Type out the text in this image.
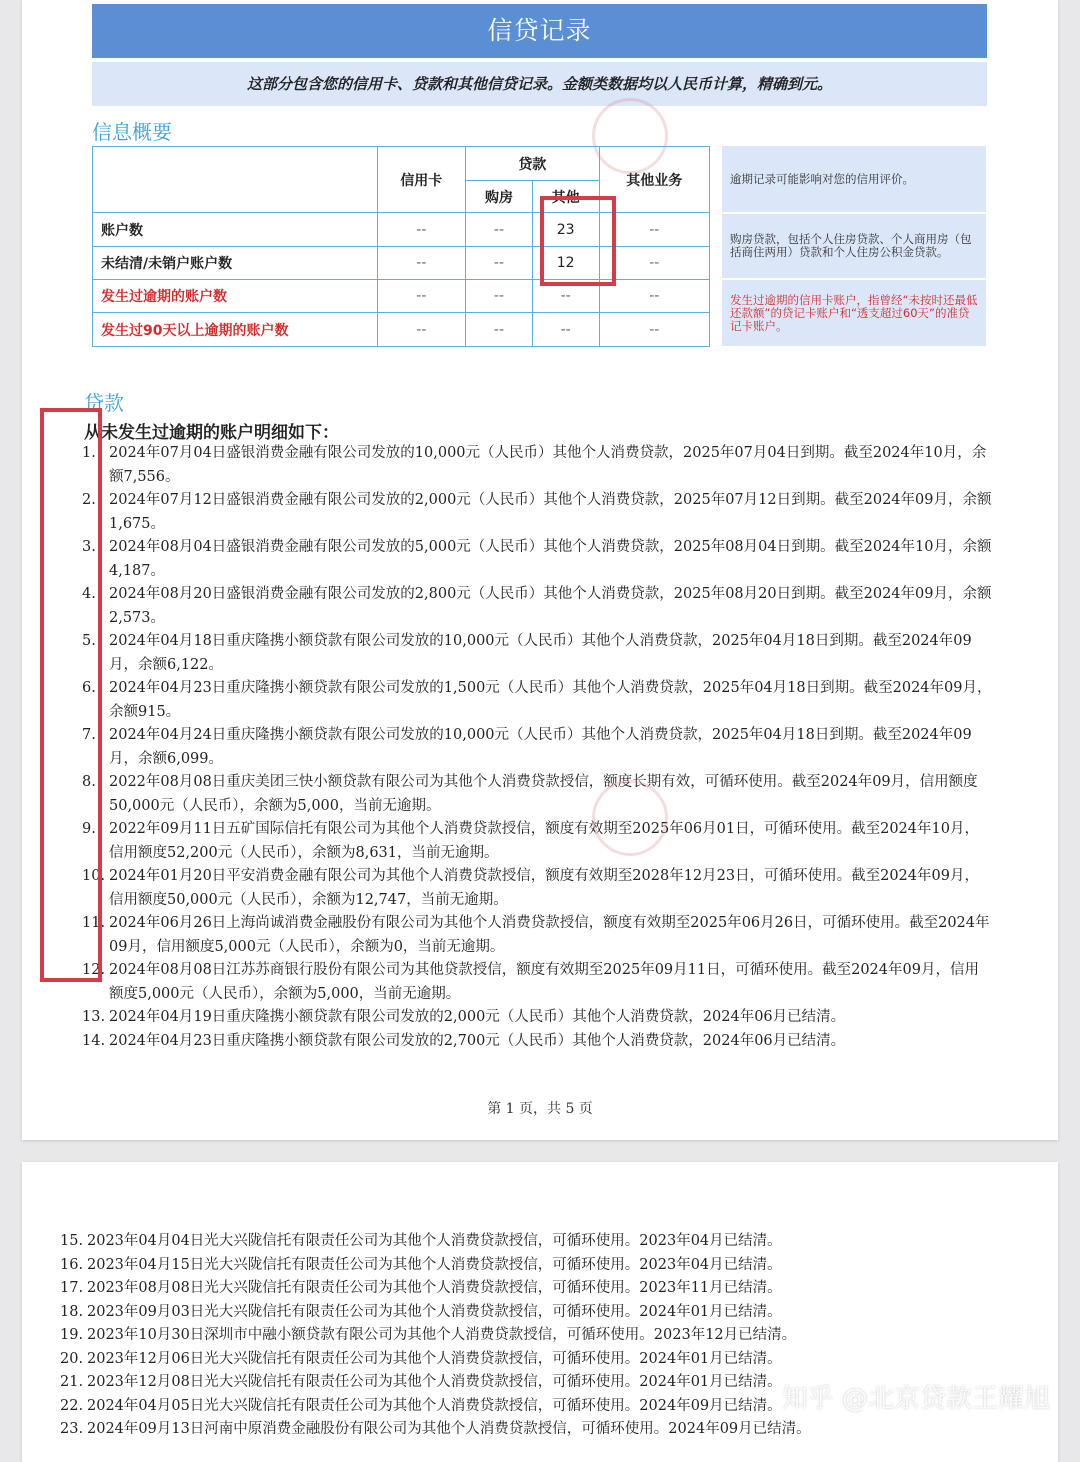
信贷记录
这部分包含您的信用卡、贷款和其他信贷记录。金额类数据均以人民币计算，精确到元。
信息概要
	信用卡	贷款		其他业务
		购房	其他	
账户数	--	--	23	--
未结清/未销户账户数	--	--	12	--
发生过逾期的账户数	--	--	--	--
发生过90天以上逾期的账户数	--	--	--	--
逾期记录可能影响对您的信用评价。
购房贷款，包括个人住房贷款、个人商用房（包括商住两用）贷款和个人住房公积金贷款。
发生过逾期的信用卡账户，指曾经“未按时还最低还款额”的贷记卡账户和“透支超过60天”的准贷记卡账户。
贷款
从未发生过逾期的账户明细如下：
1. 2024年07月04日盛银消费金融有限公司发放的10,000元（人民币）其他个人消费贷款，2025年07月04日到期。截至2024年10月，余额7,556。
2. 2024年07月12日盛银消费金融有限公司发放的2,000元（人民币）其他个人消费贷款，2025年07月12日到期。截至2024年09月，余额1,675。
3. 2024年08月04日盛银消费金融有限公司发放的5,000元（人民币）其他个人消费贷款，2025年08月04日到期。截至2024年10月，余额4,187。
4. 2024年08月20日盛银消费金融有限公司发放的2,800元（人民币）其他个人消费贷款，2025年08月20日到期。截至2024年09月，余额2,573。
5. 2024年04月18日重庆隆携小额贷款有限公司发放的10,000元（人民币）其他个人消费贷款，2025年04月18日到期。截至2024年09月，余额6,122。
6. 2024年04月23日重庆隆携小额贷款有限公司发放的1,500元（人民币）其他个人消费贷款，2025年04月18日到期。截至2024年09月，余额915。
7. 2024年04月24日重庆隆携小额贷款有限公司发放的10,000元（人民币）其他个人消费贷款，2025年04月18日到期。截至2024年09月，余额6,099。
8. 2022年08月08日重庆美团三快小额贷款有限公司为其他个人消费贷款授信，额度长期有效，可循环使用。截至2024年09月，信用额度50,000元（人民币），余额为5,000，当前无逾期。
9. 2022年09月11日五矿国际信托有限公司为其他个人消费贷款授信，额度有效期至2025年06月01日，可循环使用。截至2024年10月，信用额度52,200元（人民币），余额为8,631，当前无逾期。
10. 2024年01月20日平安消费金融有限公司为其他个人消费贷款授信，额度有效期至2028年12月23日，可循环使用。截至2024年09月，信用额度50,000元（人民币），余额为12,747，当前无逾期。
11. 2024年06月26日上海尚诚消费金融股份有限公司为其他个人消费贷款授信，额度有效期至2025年06月26日，可循环使用。截至2024年09月，信用额度5,000元（人民币），余额为0，当前无逾期。
12. 2024年08月08日江苏苏商银行股份有限公司为其他贷款授信，额度有效期至2025年09月11日，可循环使用。截至2024年09月，信用额度5,000元（人民币），余额为5,000，当前无逾期。
13. 2024年04月19日重庆隆携小额贷款有限公司发放的2,000元（人民币）其他个人消费贷款，2024年06月已结清。
14. 2024年04月23日重庆隆携小额贷款有限公司发放的2,700元（人民币）其他个人消费贷款，2024年06月已结清。
第 1 页，共 5 页
15. 2023年04月04日光大兴陇信托有限责任公司为其他个人消费贷款授信，可循环使用。2023年04月已结清。
16. 2023年04月15日光大兴陇信托有限责任公司为其他个人消费贷款授信，可循环使用。2023年04月已结清。
17. 2023年08月08日光大兴陇信托有限责任公司为其他个人消费贷款授信，可循环使用。2023年11月已结清。
18. 2023年09月03日光大兴陇信托有限责任公司为其他个人消费贷款授信，可循环使用。2024年01月已结清。
19. 2023年10月30日深圳市中融小额贷款有限公司为其他个人消费贷款授信，可循环使用。2023年12月已结清。
20. 2023年12月06日光大兴陇信托有限责任公司为其他个人消费贷款授信，可循环使用。2024年01月已结清。
21. 2023年12月08日光大兴陇信托有限责任公司为其他个人消费贷款授信，可循环使用。2024年01月已结清。
22. 2024年04月05日光大兴陇信托有限责任公司为其他个人消费贷款授信，可循环使用。2024年09月已结清。
23. 2024年09月13日河南中原消费金融股份有限公司为其他个人消费贷款授信，可循环使用。2024年09月已结清。
知乎 @北京贷款王耀旭
